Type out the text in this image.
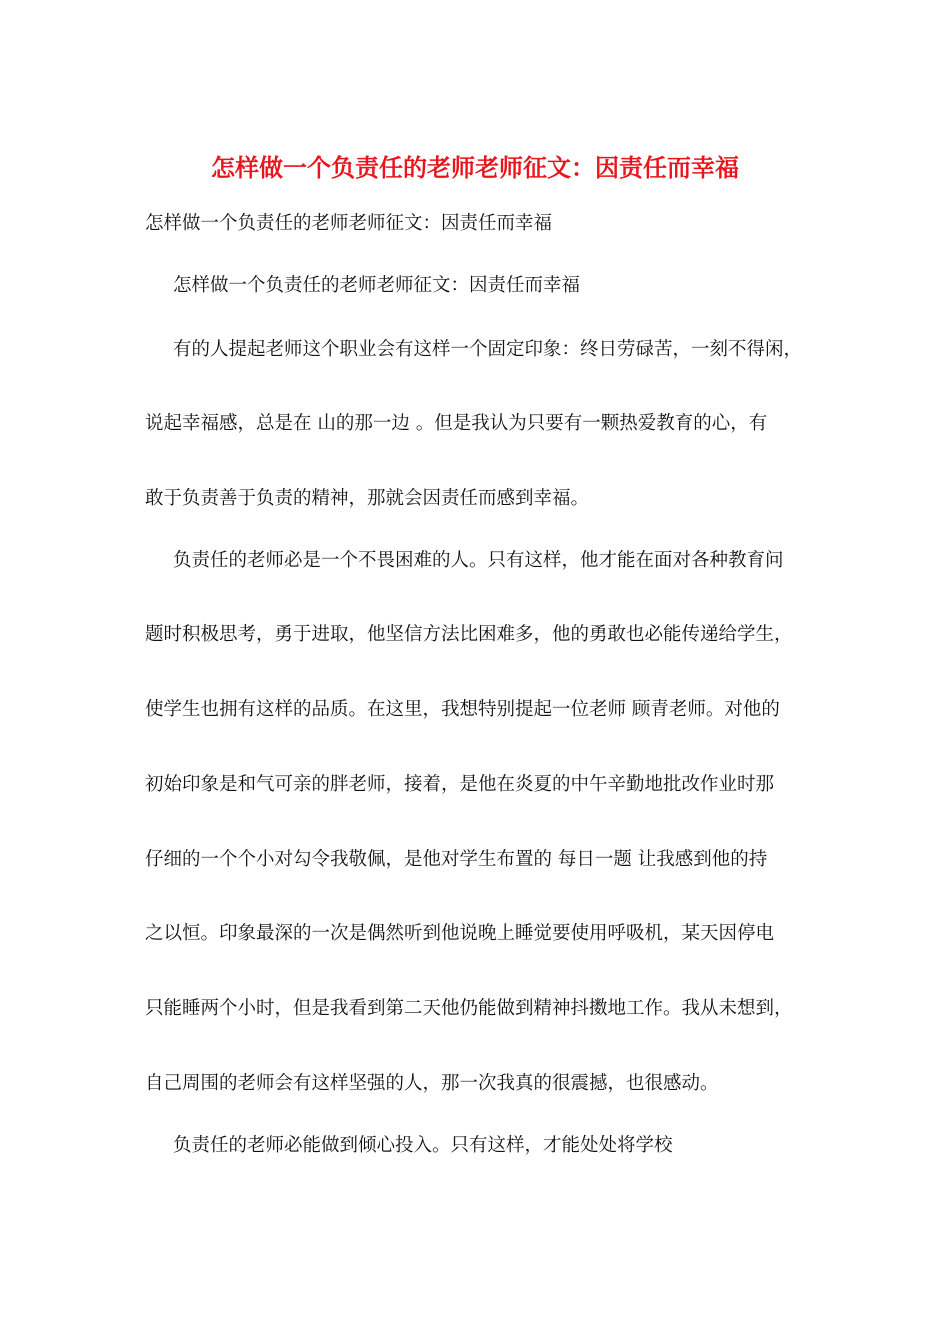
怎样做一个负责任的老师老师征文：因责任而幸福

怎样做一个负责任的老师老师征文：因责任而幸福

怎样做一个负责任的老师老师征文：因责任而幸福

有的人提起老师这个职业会有这样一个固定印象：终日劳碌苦，一刻不得闲，

说起幸福感，总是在 山的那一边 。但是我认为只要有一颗热爱教育的心，有

敢于负责善于负责的精神，那就会因责任而感到幸福。

负责任的老师必是一个不畏困难的人。只有这样，他才能在面对各种教育问

题时积极思考，勇于进取，他坚信方法比困难多，他的勇敢也必能传递给学生，

使学生也拥有这样的品质。在这里，我想特别提起一位老师 顾青老师。对他的

初始印象是和气可亲的胖老师，接着，是他在炎夏的中午辛勤地批改作业时那

仔细的一个个小对勾令我敬佩，是他对学生布置的 每日一题 让我感到他的持

之以恒。印象最深的一次是偶然听到他说晚上睡觉要使用呼吸机，某天因停电

只能睡两个小时，但是我看到第二天他仍能做到精神抖擞地工作。我从未想到，

自己周围的老师会有这样坚强的人，那一次我真的很震撼，也很感动。

负责任的老师必能做到倾心投入。只有这样，才能处处将学校
